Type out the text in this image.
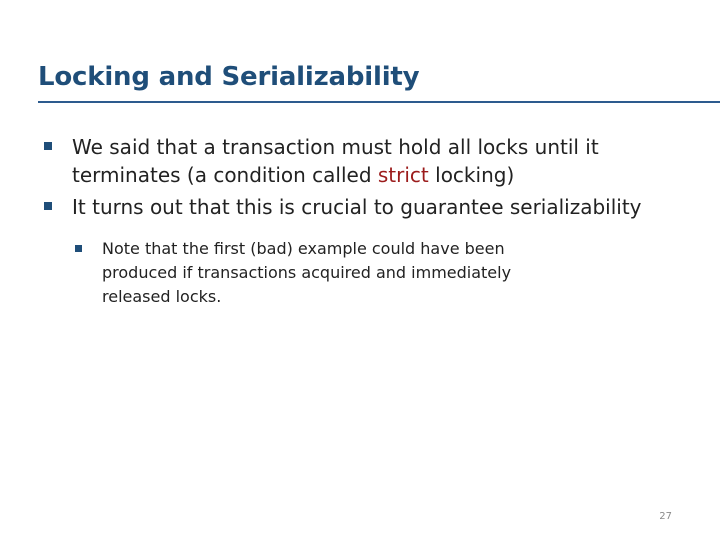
Locking and Serializability
We said that a transaction must hold all locks until it terminates (a condition called strict locking)
It turns out that this is crucial to guarantee serializability
Note that the first (bad) example could have been produced if transactions acquired and immediately released locks.
27
